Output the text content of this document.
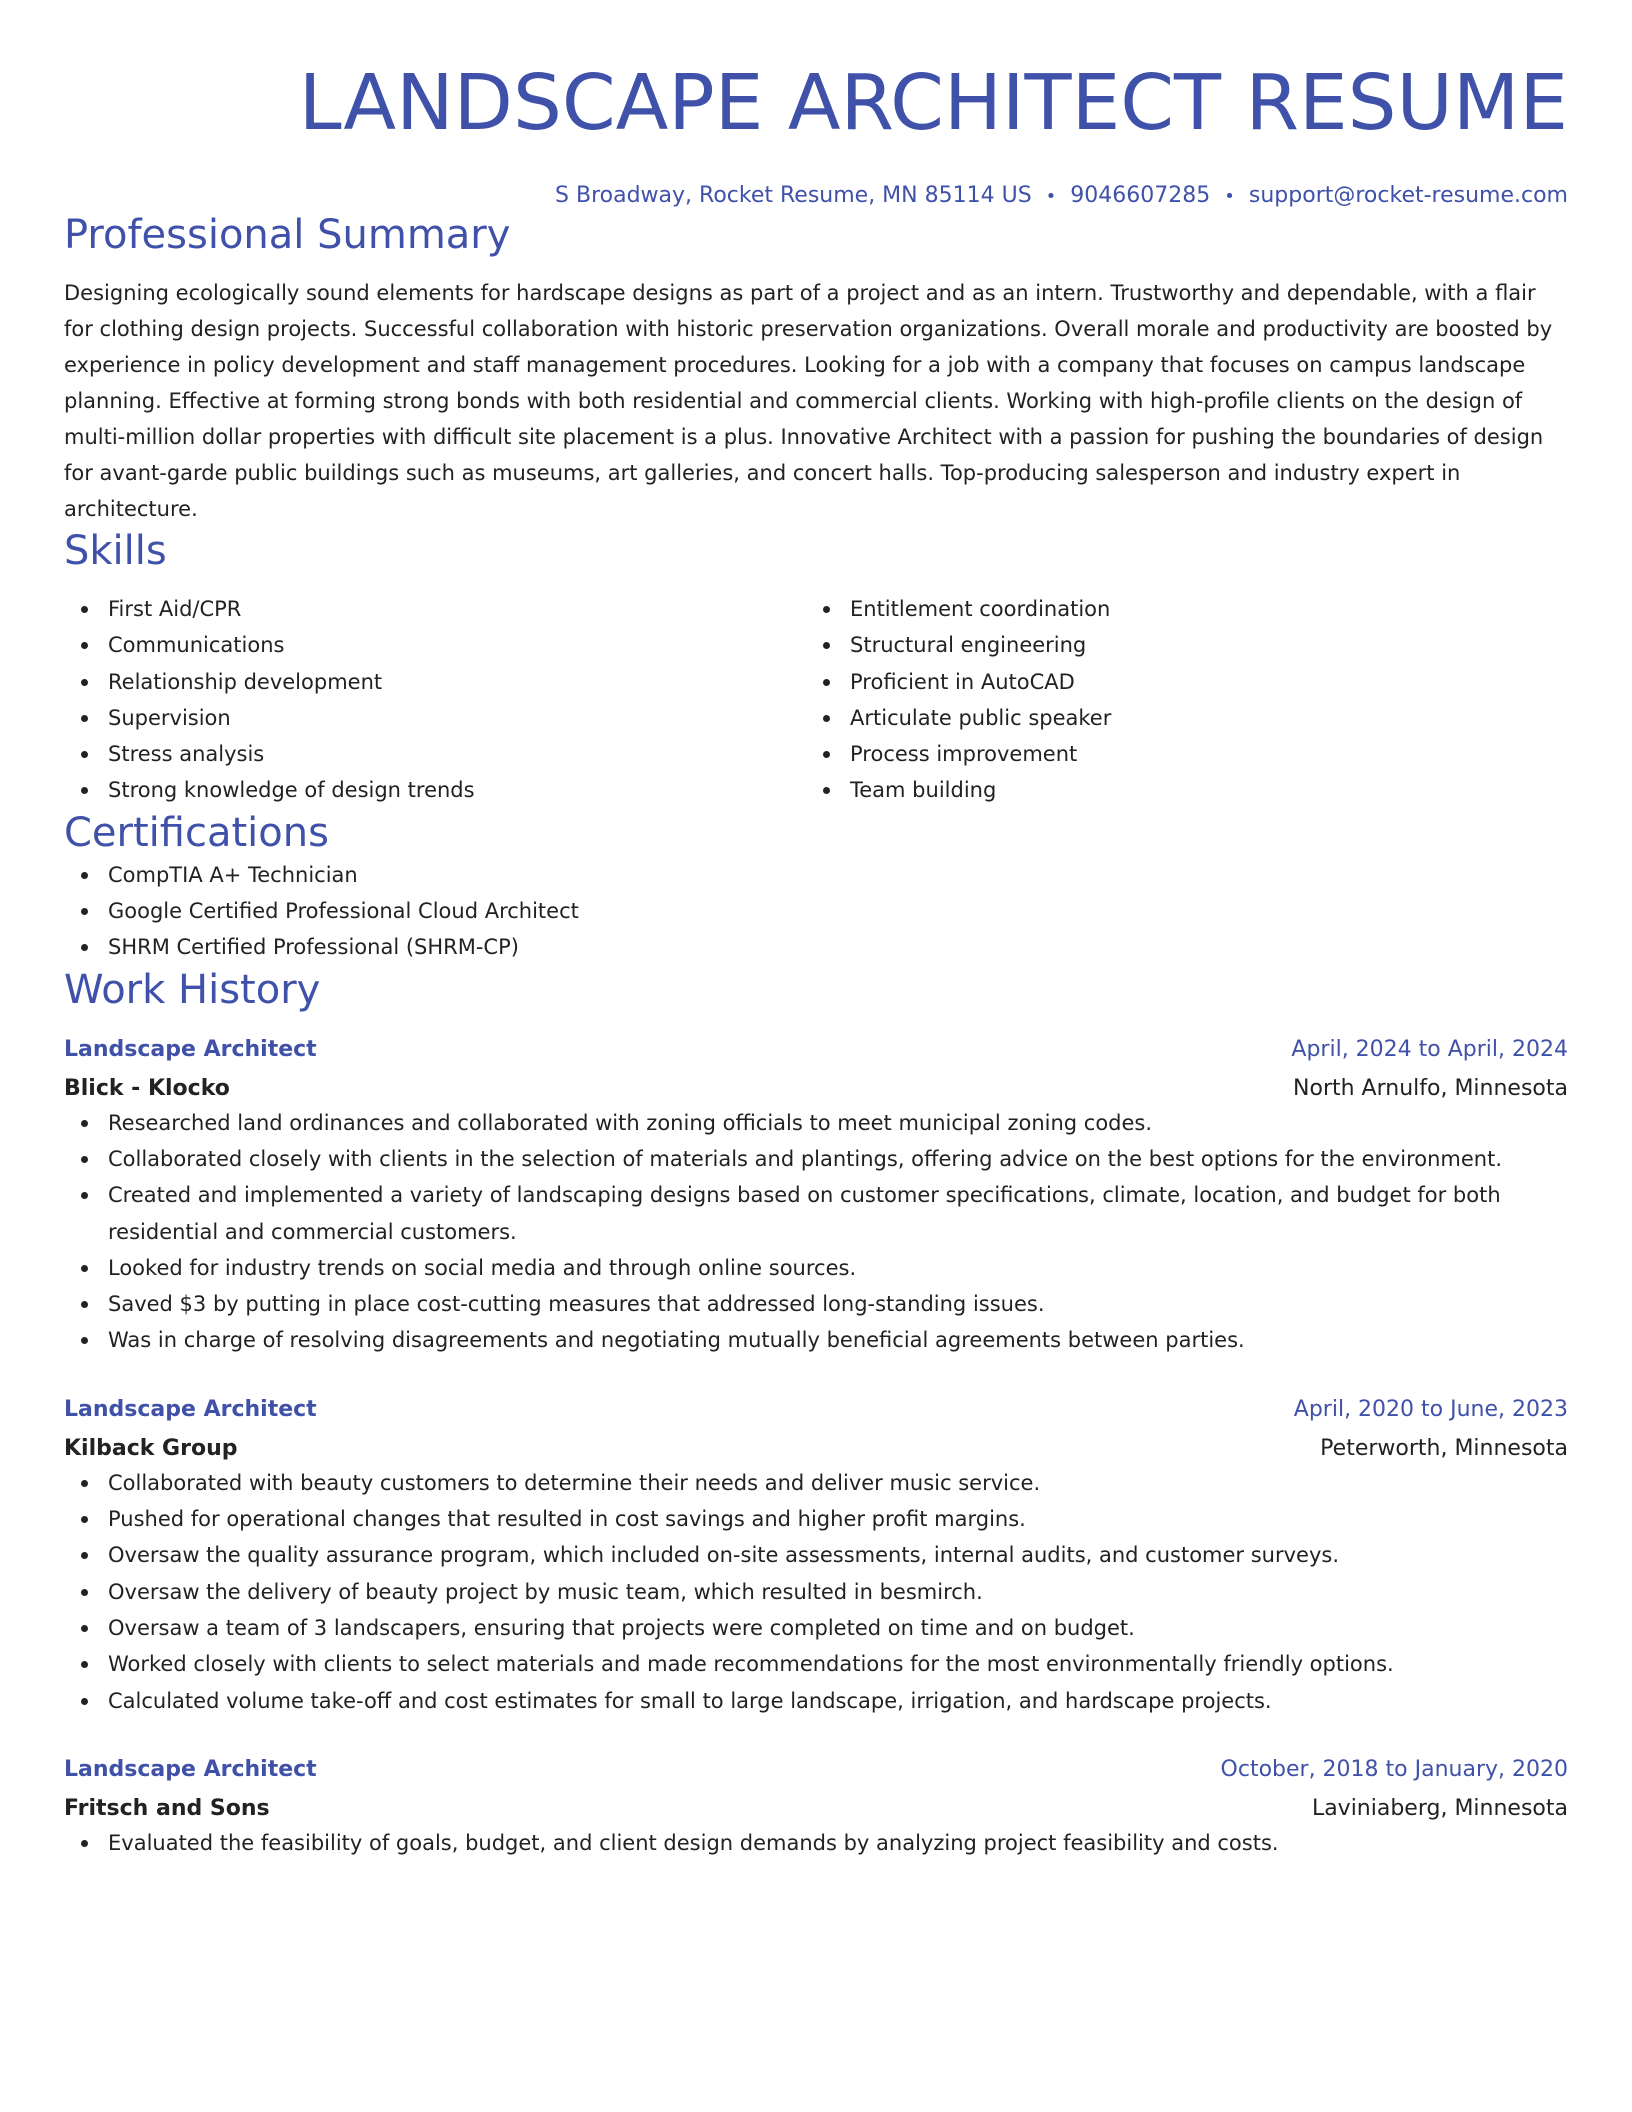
LANDSCAPE ARCHITECT RESUME
S Broadway, Rocket Resume, MN 85114 US • 9046607285 • support@rocket-resume.com
Professional Summary
Designing ecologically sound elements for hardscape designs as part of a project and as an intern. Trustworthy and dependable, with a flair for clothing design projects. Successful collaboration with historic preservation organizations. Overall morale and productivity are boosted by experience in policy development and staff management procedures. Looking for a job with a company that focuses on campus landscape planning. Effective at forming strong bonds with both residential and commercial clients. Working with high-profile clients on the design of multi-million dollar properties with difficult site placement is a plus. Innovative Architect with a passion for pushing the boundaries of design for avant-garde public buildings such as museums, art galleries, and concert halls. Top-producing salesperson and industry expert in architecture.
Skills
First Aid/CPR
Communications
Relationship development
Supervision
Stress analysis
Strong knowledge of design trends
Entitlement coordination
Structural engineering
Proficient in AutoCAD
Articulate public speaker
Process improvement
Team building
Certifications
CompTIA A+ Technician
Google Certified Professional Cloud Architect
SHRM Certified Professional (SHRM-CP)
Work History
Landscape Architect	April, 2024 to April, 2024
Blick - Klocko	North Arnulfo, Minnesota
Researched land ordinances and collaborated with zoning officials to meet municipal zoning codes.
Collaborated closely with clients in the selection of materials and plantings, offering advice on the best options for the environment.
Created and implemented a variety of landscaping designs based on customer specifications, climate, location, and budget for both residential and commercial customers.
Looked for industry trends on social media and through online sources.
Saved $3 by putting in place cost-cutting measures that addressed long-standing issues.
Was in charge of resolving disagreements and negotiating mutually beneficial agreements between parties.
Landscape Architect	April, 2020 to June, 2023
Kilback Group	Peterworth, Minnesota
Collaborated with beauty customers to determine their needs and deliver music service.
Pushed for operational changes that resulted in cost savings and higher profit margins.
Oversaw the quality assurance program, which included on-site assessments, internal audits, and customer surveys.
Oversaw the delivery of beauty project by music team, which resulted in besmirch.
Oversaw a team of 3 landscapers, ensuring that projects were completed on time and on budget.
Worked closely with clients to select materials and made recommendations for the most environmentally friendly options.
Calculated volume take-off and cost estimates for small to large landscape, irrigation, and hardscape projects.
Landscape Architect	October, 2018 to January, 2020
Fritsch and Sons	Laviniaberg, Minnesota
Evaluated the feasibility of goals, budget, and client design demands by analyzing project feasibility and costs.
